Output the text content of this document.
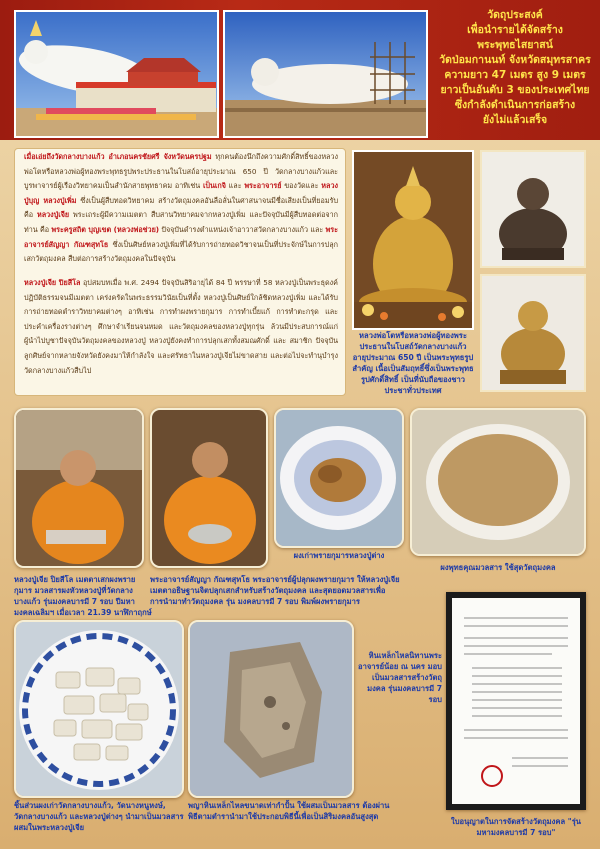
วัดถุประสงค์
เพื่อนำรายได้จัดสร้าง
พระพุทธไสยาสน์
วัดป่อมกานนท์ จังหวัดสมุทรสาคร
ความยาว 47 เมตร สูง 9 เมตร
ยาวเป็นอันดับ 3 ของประเทศไทย
ซึ่งกำลังดำเนินการก่อสร้าง
ยังไม่แล้วเสร็จ
เมื่อเอ่ยถึงวัดกลางบางแก้ว อำเภอนครชัยศรี จังหวัดนครปฐม ทุกคนต้องนึกถึงความศักดิ์สิทธิ์ของหลวงพ่อโตหรือหลวงพ่อผู้ทองพระพุทธรูปพระประธานในโบสถ์อายุประมาณ 650 ปี วัดกลางบางแก้วและบูรพาจารย์ผู้เรืองวิทยาคมเป็นสำนักสายพุทธาคม อาทิเช่น เป็นเกจิ และ พระอาจารย์ ของวัดและ หลวงปู่บุญ หลวงปู่เพิ่ม ซึ่งเป็นผู้สืบทอดวิทยาคม สร้างวัตถุมงคลอันลือลั่นในศาสนาจนมีชื่อเสียงเป็นที่ยอมรับ คือ หลวงปู่เจีย พระเถระผู้มีความเมตตา สืบสานวิทยาคมจากหลวงปู่เพิ่ม และปัจจุบันมีผู้สืบทอดต่อจากท่าน คือ พระครูสถิต บุญเขต (หลวงพ่อช่วย) ปัจจุบันดำรงตำแหน่งเจ้าอาวาสวัดกลางบางแก้ว และ พระอาจารย์สัญญา กัณฑสุทโธ ซึ่งเป็นศิษย์หลวงปู่เพิ่มที่ได้รับการถ่ายทอดวิชาจนเป็นที่ประจักษ์ในการปลุกเสกวัตถุมงคล สืบต่อการสร้างวัตถุมงคลในปัจจุบัน
หลวงปู่เจีย ปิยสีโล อุปสมบทเมื่อ พ.ศ. 2494 ปัจจุบันสิริอายุได้ 84 ปี พรรษาที่ 58 หลวงปู่เป็นพระธุดงค์ ปฏิบัติธรรมจนมีเมตตา เคร่งครัดในพระธรรมวินัยเป็นที่ตั้ง หลวงปู่เป็นศิษย์ใกล้ชิดหลวงปู่เพิ่ม และได้รับการถ่ายทอดตำราวิทยาคมต่างๆ อาทิเช่น การทำผงพรายกุมาร การทำเบี้ยแก้ การทำตะกรุด และประคำเครื่องรางต่างๆ ศึกษาจำเรียนจนหมด และวัตถุมงคลของหลวงปู่ทุกรุ่น ล้วนมีประสบการณ์แก่ผู้นำไปบูชาปัจจุบันวัตถุมงคลของหลวงปู่ หลวงปู่ยังคงทำการปลุกเสกทั้งสมณศักดิ์ และ สมาชิก ปัจจุบันลูกศิษย์จากหลายจังหวัดยังคงมาให้กำลังใจ และศรัทธาในหลวงปู่เจียไม่ขาดสาย และต่อไปจะทำนุบำรุงวัดกลางบางแก้วสืบไป
หลวงพ่อโตหรือหลวงพ่อผู้ทองพระประธานในโบสถ์วัดกลางบางแก้ว อายุประมาณ 650 ปี เป็นพระพุทธรูปสำคัญ เนื้อเป็นสัมฤทธิ์ซึ่งเป็นพระพุทธรูปศักดิ์สิทธิ์ เป็นที่นับถือของชาวประชาทั่วประเทศ
หลวงปู่เจีย ปิยสีโล เมตตาเสกผงพรายกุมาร มวลสารผงหัวหลวงปู่ที่วัดกลางบางแก้ว รุ่นมงคลบารมี 7 รอบ ปีมหามงคลเฉลิมฯ เมื่อเวลา 21.39 นาฬิกาฤกษ์
พระอาจารย์สัญญา กัณฑสุทโธ พระอาจารย์ผู้ปลุกผงพรายกุมาร ให้หลวงปู่เจียเมตตาอธิษฐานจิตปลุกเสกสำหรับสร้างวัตถุมงคล และสุดยอดมวลสารเพื่อการนำมาทำวัตถุมงคล รุ่น มงคลบารมี 7 รอบ พิมพ์ผงพรายกุมาร
ผงเก่าพรายกุมารหลวงปู่ต่าง
ผงพุทธคุณมวลสาร ใช้สุดวัตถุมงคล
ชิ้นส่วนผงเก่าวัดกลางบางแก้ว, วัดนางหนูหงษ์, วัดกลางบางแก้ว และหลวงปู่ต่างๆ นำมาเป็นมวลสารผสมในพระหลวงปู่เจีย
พญาหินเหล็กไหลขนาดเท่ากำปั้น ใช้ผสมเป็นมวลสาร ต้องผ่านพิธีตามตำรานำมาใช้ประกอบพิธีนี้เพื่อเป็นสิริมงคลอันสูงสุด
หินเหล็กไหลนิทานพระอาจารย์น้อย ณ นคร มอบเป็นมวลสารสร้างวัตถุมงคล รุ่นมงคลบารมี 7 รอบ
ใบอนุญาตในการจัดสร้างวัตถุมงคล "รุ่นมหามงคลบารมี 7 รอบ"
